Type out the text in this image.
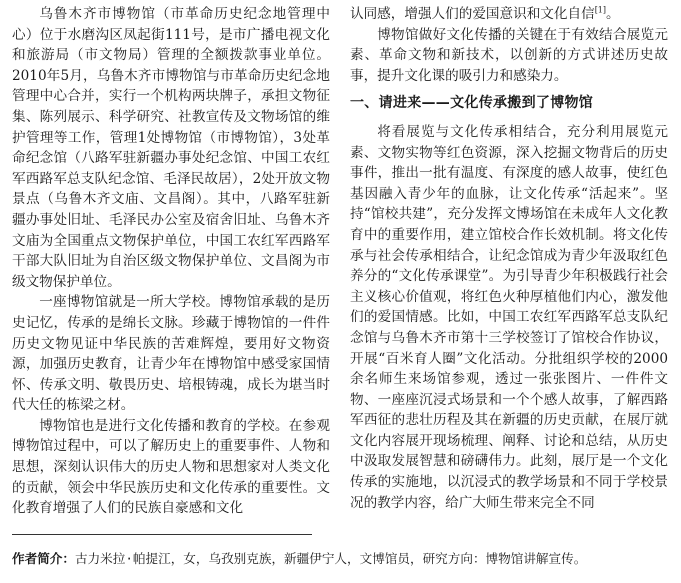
乌鲁木齐市博物馆（市革命历史纪念地管理中心）位于水磨沟区凤起街111号，是市广播电视文化和旅游局（市文物局）管理的全额拨款事业单位。2010年5月，乌鲁木齐市博物馆与市革命历史纪念地管理中心合并，实行一个机构两块牌子，承担文物征集、陈列展示、科学研究、社教宣传及文物场馆的维护管理等工作，管理1处博物馆（市博物馆），3处革命纪念馆（八路军驻新疆办事处纪念馆、中国工农红军西路军总支队纪念馆、毛泽民故居），2处开放文物景点（乌鲁木齐文庙、文昌阁）。其中，八路军驻新疆办事处旧址、毛泽民办公室及宿舍旧址、乌鲁木齐文庙为全国重点文物保护单位，中国工农红军西路军干部大队旧址为自治区级文物保护单位、文昌阁为市级文物保护单位。

一座博物馆就是一所大学校。博物馆承载的是历史记忆，传承的是绵长文脉。珍藏于博物馆的一件件历史文物见证中华民族的苦难辉煌，要用好文物资源，加强历史教育，让青少年在博物馆中感受家国情怀、传承文明、敬畏历史、培根铸魂，成长为堪当时代大任的栋梁之材。

博物馆也是进行文化传播和教育的学校。在参观博物馆过程中，可以了解历史上的重要事件、人物和思想，深刻认识伟大的历史人物和思想家对人类文化的贡献，领会中华民族历史和文化传承的重要性。文化教育增强了人们的民族自豪感和文化

认同感，增强人们的爱国意识和文化自信[1]。

博物馆做好文化传播的关键在于有效结合展览元素、革命文物和新技术，以创新的方式讲述历史故事，提升文化课的吸引力和感染力。

一、请进来——文化传承搬到了博物馆

将看展览与文化传承相结合，充分利用展览元素、文物实物等红色资源，深入挖掘文物背后的历史事件，推出一批有温度、有深度的感人故事，使红色基因融入青少年的血脉，让文化传承“活起来”。坚持“馆校共建”，充分发挥文博场馆在未成年人文化教育中的重要作用，建立馆校合作长效机制。将文化传承与社会传承相结合，让纪念馆成为青少年汲取红色养分的“文化传承课堂”。为引导青少年积极践行社会主义核心价值观，将红色火种厚植他们内心，激发他们的爱国情感。比如，中国工农红军西路军总支队纪念馆与乌鲁木齐市第十三学校签订了馆校合作协议，开展“百米育人圈”文化活动。分批组织学校的2000余名师生来场馆参观，透过一张张图片、一件件文物、一座座沉浸式场景和一个个感人故事，了解西路军西征的悲壮历程及其在新疆的历史贡献，在展厅就文化内容展开现场梳理、阐释、讨论和总结，从历史中汲取发展智慧和磅礴伟力。此刻，展厅是一个文化传承的实施地，以沉浸式的教学场景和不同于学校景况的教学内容，给广大师生带来完全不同

作者简介：古力米拉·帕提江，女，乌孜别克族，新疆伊宁人，文博馆员，研究方向：博物馆讲解宣传。
